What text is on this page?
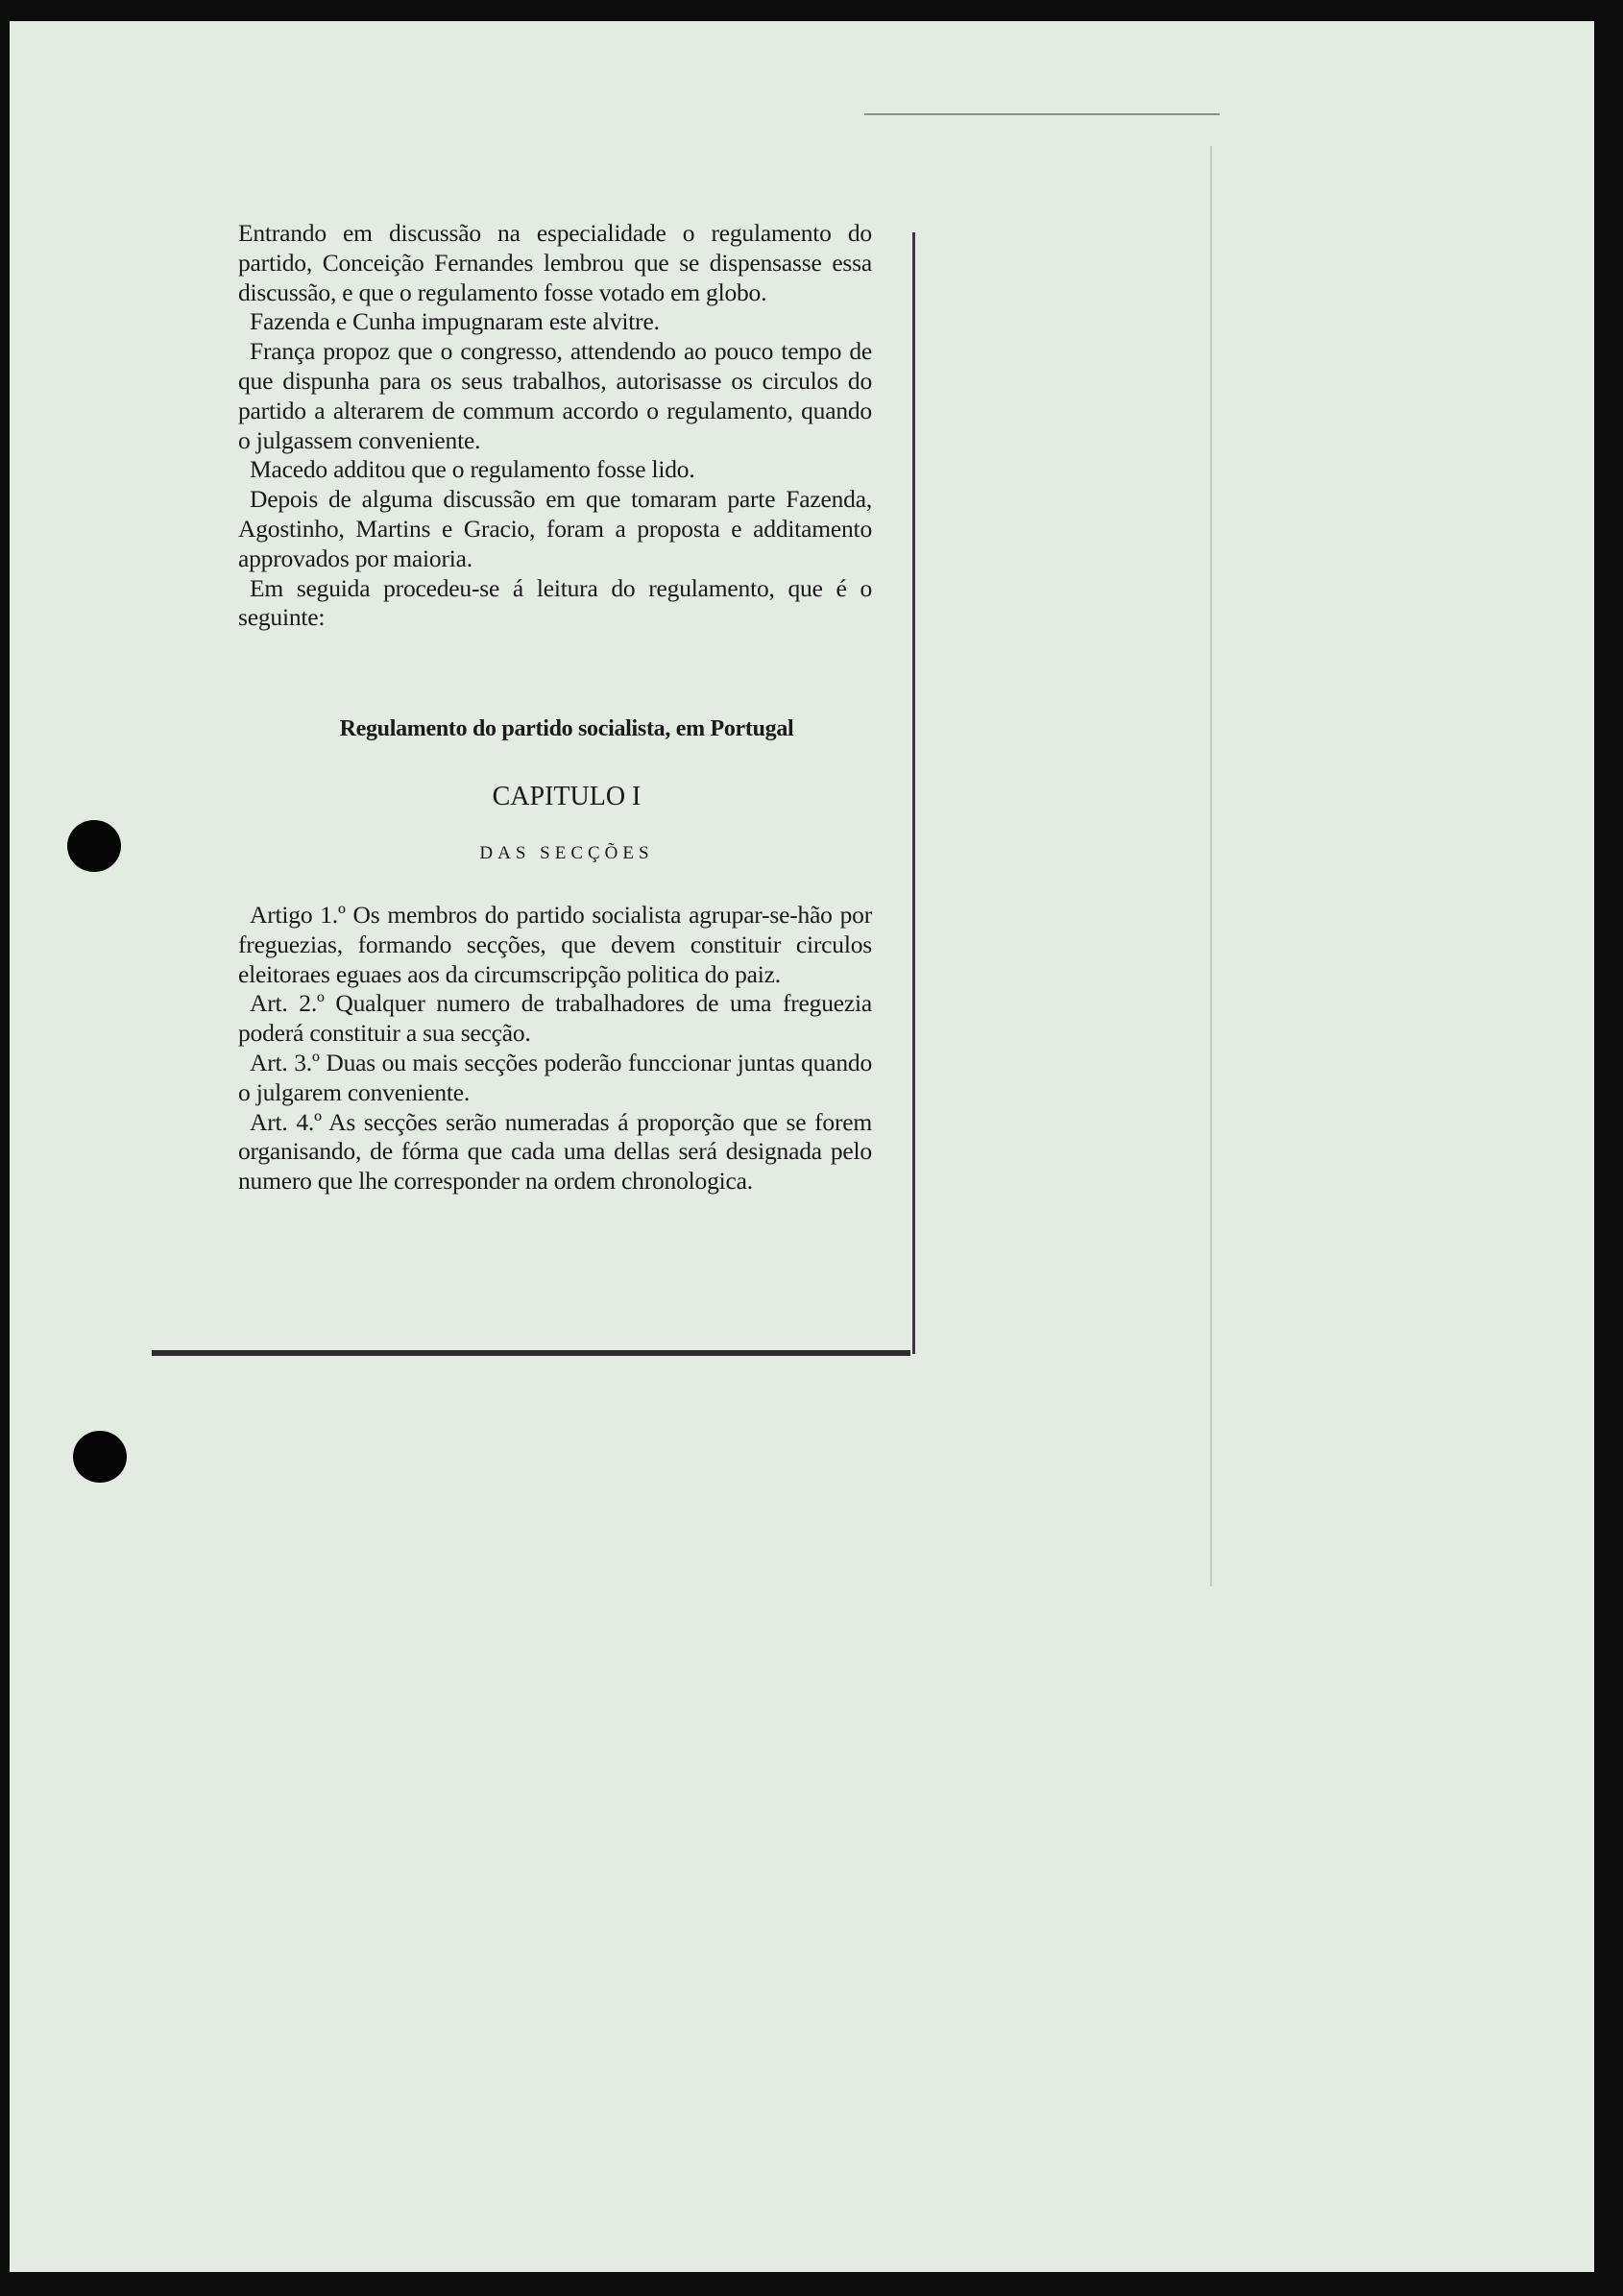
Entrando em discussão na especialidade o regulamento do partido, Conceição Fernandes lembrou que se dispensasse essa discussão, e que o regulamento fosse votado em globo.

Fazenda e Cunha impugnaram este alvitre.

França propoz que o congresso, attendendo ao pouco tempo de que dispunha para os seus trabalhos, autorisasse os circulos do partido a alterarem de commum accordo o regulamento, quando o julgassem conveniente.

Macedo additou que o regulamento fosse lido.

Depois de alguma discussão em que tomaram parte Fazenda, Agostinho, Martins e Gracio, foram a proposta e additamento approvados por maioria.

Em seguida procedeu-se á leitura do regulamento, que é o seguinte:

Regulamento do partido socialista, em Portugal
CAPITULO I
DAS SECÇÕES

Artigo 1.º Os membros do partido socialista agrupar-se-hão por freguezias, formando secções, que devem constituir circulos eleitoraes eguaes aos da circumscripção politica do paiz.

Art. 2.º Qualquer numero de trabalhadores de uma freguezia poderá constituir a sua secção.

Art. 3.º Duas ou mais secções poderão funccionar juntas quando o julgarem conveniente.

Art. 4.º As secções serão numeradas á proporção que se forem organisando, de fórma que cada uma dellas será designada pelo numero que lhe corresponder na ordem chronologica.
